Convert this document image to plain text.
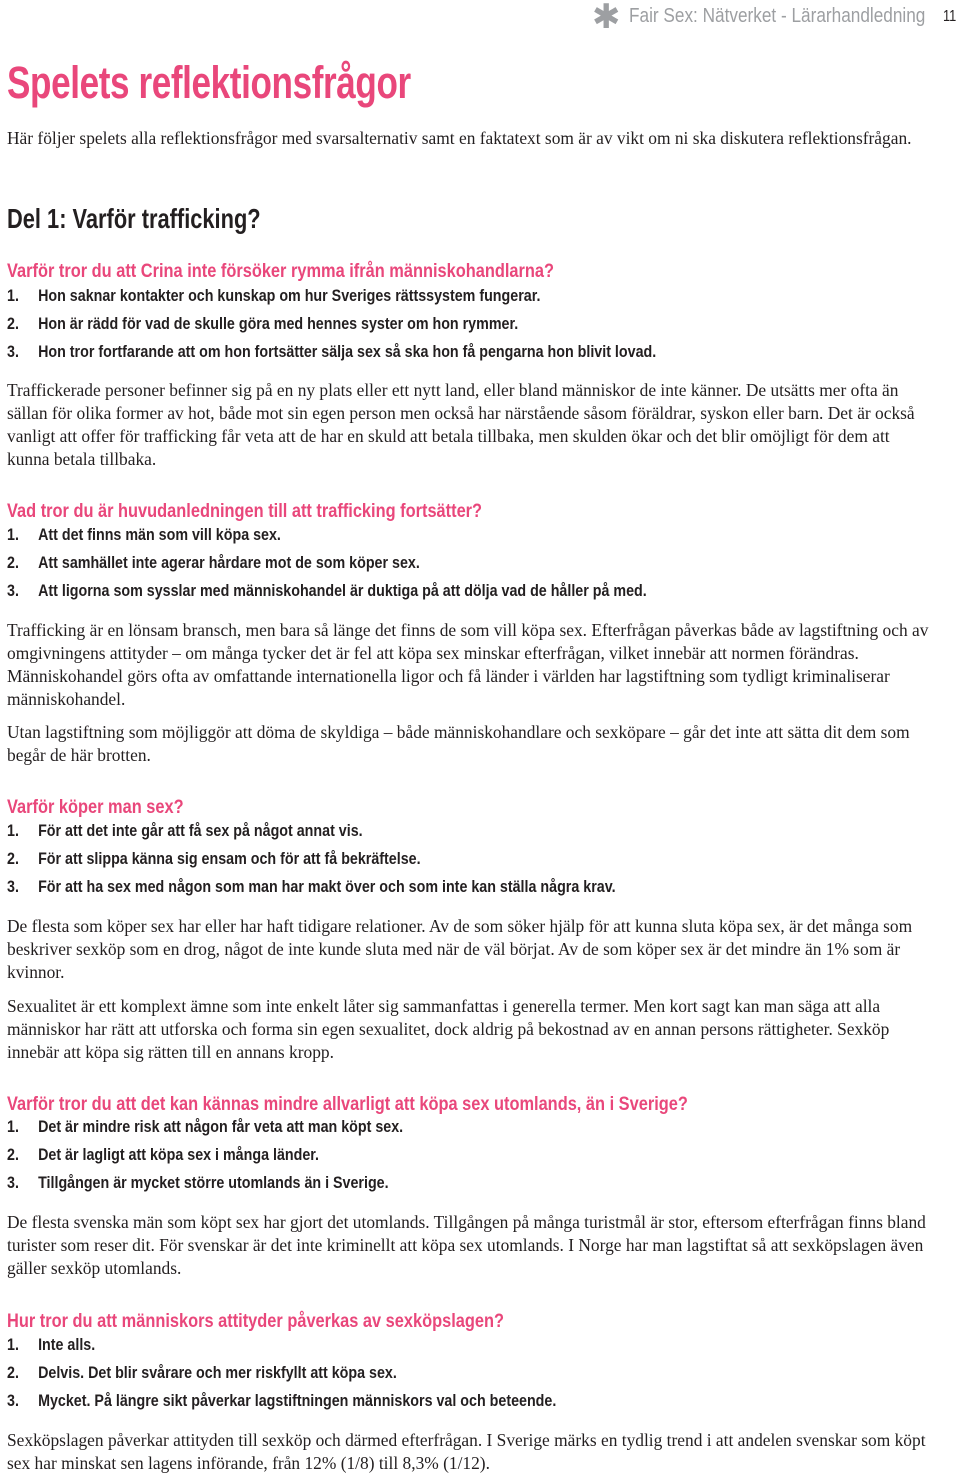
✱ Fair Sex: Nätverket - Lärarhandledning 11
Spelets reflektionsfrågor

Här följer spelets alla reflektionsfrågor med svarsalternativ samt en faktatext som är av vikt om ni ska diskutera reflektionsfrågan.

Del 1: Varför trafficking?

Varför tror du att Crina inte försöker rymma ifrån människohandlarna?

1. Hon saknar kontakter och kunskap om hur Sveriges rättssystem fungerar.

2. Hon är rädd för vad de skulle göra med hennes syster om hon rymmer.

3. Hon tror fortfarande att om hon fortsätter sälja sex så ska hon få pengarna hon blivit lovad.

Traffickerade personer befinner sig på en ny plats eller ett nytt land, eller bland människor de inte känner. De utsätts mer ofta än sällan för olika former av hot, både mot sin egen person men också har närstående såsom föräldrar, syskon eller barn. Det är också vanligt att offer för trafficking får veta att de har en skuld att betala tillbaka, men skulden ökar och det blir omöjligt för dem att kunna betala tillbaka.

Vad tror du är huvudanledningen till att trafficking fortsätter?

1. Att det finns män som vill köpa sex.

2. Att samhället inte agerar hårdare mot de som köper sex.

3. Att ligorna som sysslar med människohandel är duktiga på att dölja vad de håller på med.

Trafficking är en lönsam bransch, men bara så länge det finns de som vill köpa sex. Efterfrågan påverkas både av lagstiftning och av omgivningens attityder – om många tycker det är fel att köpa sex minskar efterfrågan, vilket innebär att normen förändras. Människohandel görs ofta av omfattande internationella ligor och få länder i världen har lagstiftning som tydligt kriminaliserar människohandel.

Utan lagstiftning som möjliggör att döma de skyldiga – både människohandlare och sexköpare – går det inte att sätta dit dem som begår de här brotten.

Varför köper man sex?

1. För att det inte går att få sex på något annat vis.

2. För att slippa känna sig ensam och för att få bekräftelse.

3. För att ha sex med någon som man har makt över och som inte kan ställa några krav.

De flesta som köper sex har eller har haft tidigare relationer. Av de som söker hjälp för att kunna sluta köpa sex, är det många som beskriver sexköp som en drog, något de inte kunde sluta med när de väl börjat. Av de som köper sex är det mindre än 1% som är kvinnor.

Sexualitet är ett komplext ämne som inte enkelt låter sig sammanfattas i generella termer. Men kort sagt kan man säga att alla människor har rätt att utforska och forma sin egen sexualitet, dock aldrig på bekostnad av en annan persons rättigheter. Sexköp innebär att köpa sig rätten till en annans kropp.

Varför tror du att det kan kännas mindre allvarligt att köpa sex utomlands, än i Sverige?

1. Det är mindre risk att någon får veta att man köpt sex.

2. Det är lagligt att köpa sex i många länder.

3. Tillgången är mycket större utomlands än i Sverige.

De flesta svenska män som köpt sex har gjort det utomlands. Tillgången på många turistmål är stor, eftersom efterfrågan finns bland turister som reser dit. För svenskar är det inte kriminellt att köpa sex utomlands. I Norge har man lagstiftat så att sexköpslagen även gäller sexköp utomlands.

Hur tror du att människors attityder påverkas av sexköpslagen?

1. Inte alls.

2. Delvis. Det blir svårare och mer riskfyllt att köpa sex.

3. Mycket. På längre sikt påverkar lagstiftningen människors val och beteende.

Sexköpslagen påverkar attityden till sexköp och därmed efterfrågan. I Sverige märks en tydlig trend i att andelen svenskar som köpt sex har minskat sen lagens införande, från 12% (1/8) till 8,3% (1/12).
